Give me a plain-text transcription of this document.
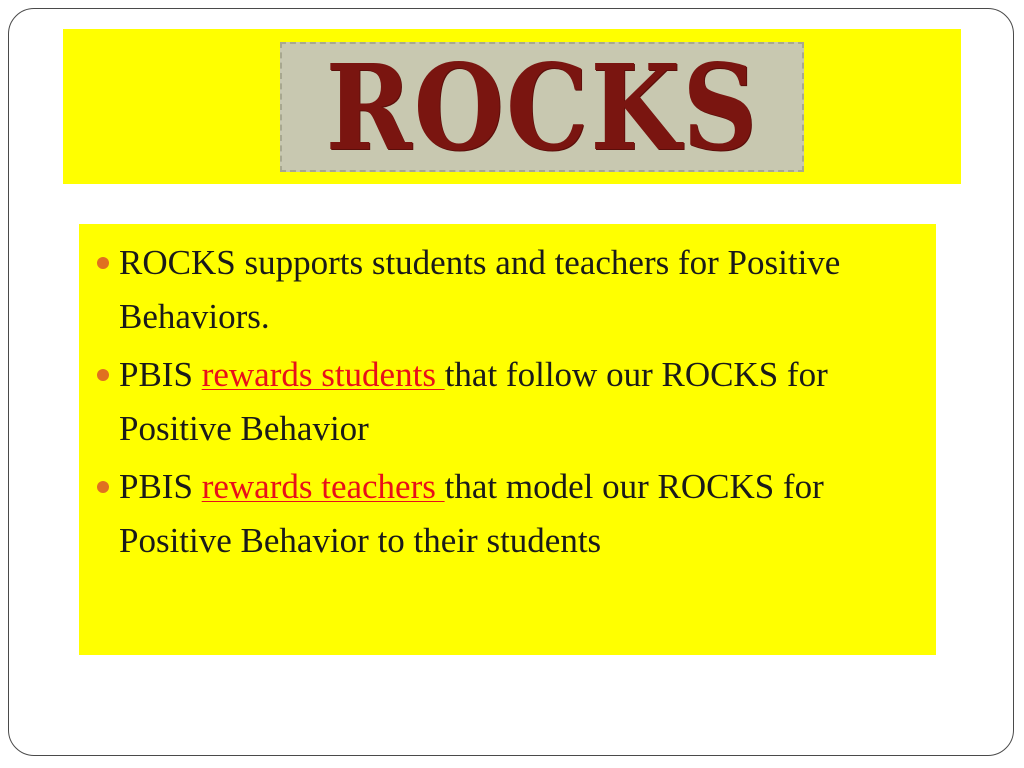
ROCKS
ROCKS supports students and teachers for Positive Behaviors.
PBIS rewards students that follow our ROCKS for Positive Behavior
PBIS rewards teachers that model our ROCKS for Positive Behavior to their students
